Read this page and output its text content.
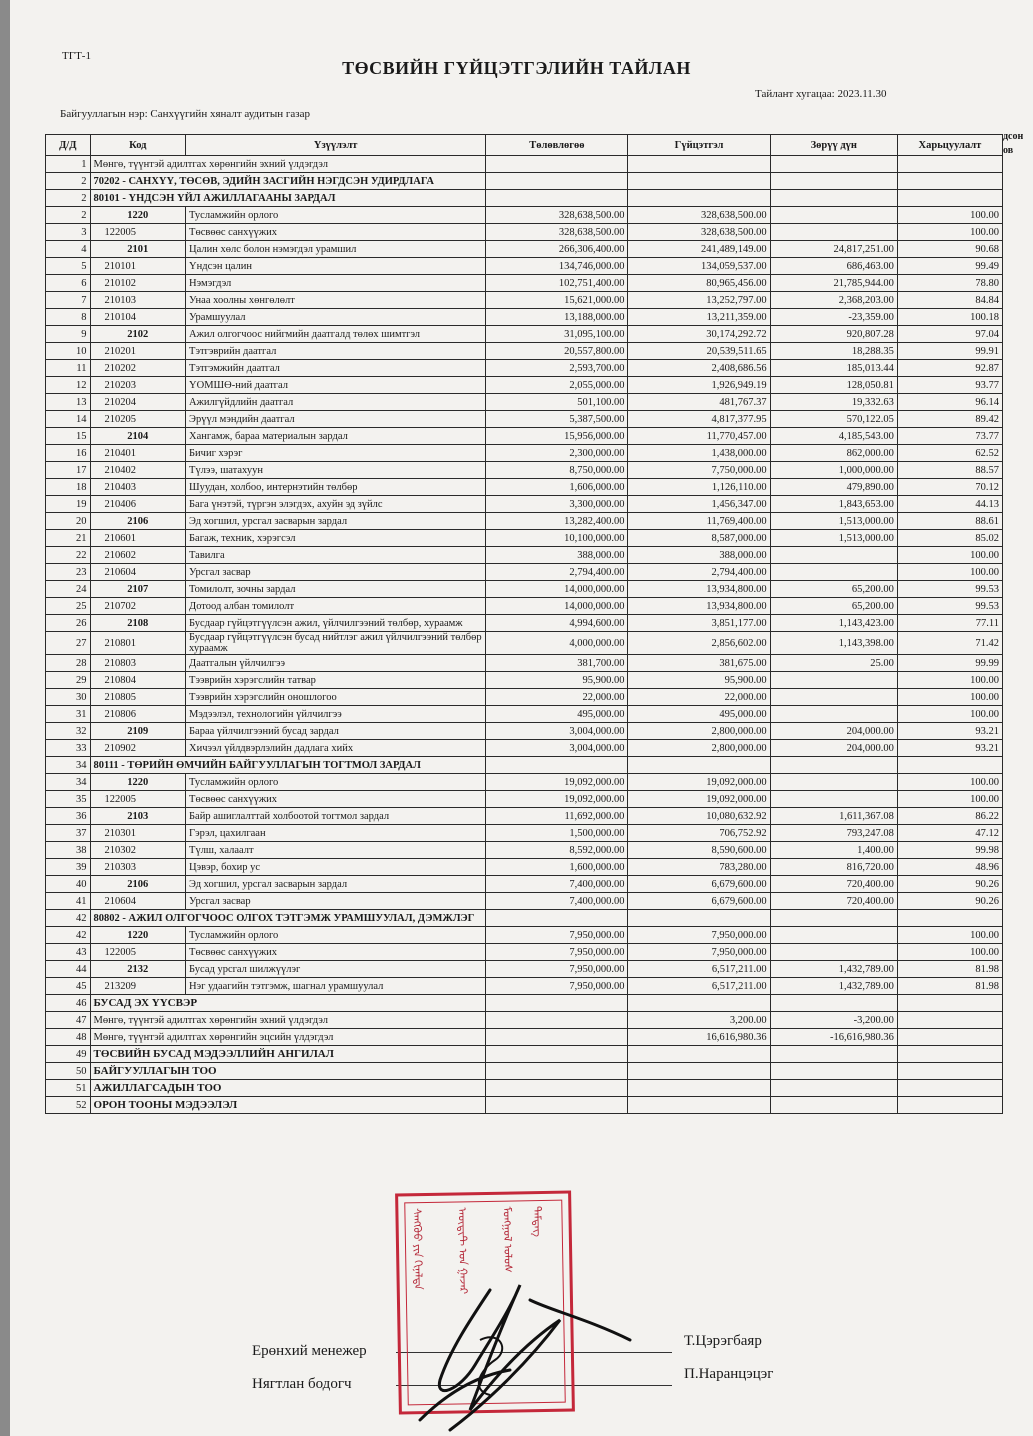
ТГТ-1
ТӨСВИЙН ГҮЙЦЭТГЭЛИЙН ТАЙЛАН
Тайлант хугацаа: 2023.11.30
Байгууллагын нэр: Санхүүгийн хяналт аудитын газар
дсон
ов
Д/Д	Код	Үзүүлэлт	Төлөвлөгөө	Гүйцэтгэл	Зөрүү дүн	Харьцуулалт
1	Мөнгө, түүнтэй адилтгах хөрөнгийн эхний үлдэгдэл					
2	70202 - САНХҮҮ, ТӨСӨВ, ЭДИЙН ЗАСГИЙН НЭГДСЭН УДИРДЛАГА					
2	80101 - ҮНДСЭН ҮЙЛ АЖИЛЛАГААНЫ ЗАРДАЛ					
2	1220	Тусламжийн орлого	328,638,500.00	328,638,500.00		100.00
3	122005	Төсвөөс санхүүжих	328,638,500.00	328,638,500.00		100.00
4	2101	Цалин хөлс болон нэмэгдэл урамшил	266,306,400.00	241,489,149.00	24,817,251.00	90.68
5	210101	Үндсэн цалин	134,746,000.00	134,059,537.00	686,463.00	99.49
6	210102	Нэмэгдэл	102,751,400.00	80,965,456.00	21,785,944.00	78.80
7	210103	Унаа хоолны хөнгөлөлт	15,621,000.00	13,252,797.00	2,368,203.00	84.84
8	210104	Урамшуулал	13,188,000.00	13,211,359.00	-23,359.00	100.18
9	2102	Ажил олгогчоос нийгмийн даатгалд төлөх шимтгэл	31,095,100.00	30,174,292.72	920,807.28	97.04
10	210201	Тэтгэврийн даатгал	20,557,800.00	20,539,511.65	18,288.35	99.91
11	210202	Тэтгэмжийн даатгал	2,593,700.00	2,408,686.56	185,013.44	92.87
12	210203	ҮОМШӨ-ний даатгал	2,055,000.00	1,926,949.19	128,050.81	93.77
13	210204	Ажилгүйдлийн даатгал	501,100.00	481,767.37	19,332.63	96.14
14	210205	Эрүүл мэндийн даатгал	5,387,500.00	4,817,377.95	570,122.05	89.42
15	2104	Хангамж, бараа материалын зардал	15,956,000.00	11,770,457.00	4,185,543.00	73.77
16	210401	Бичиг хэрэг	2,300,000.00	1,438,000.00	862,000.00	62.52
17	210402	Түлээ, шатахуун	8,750,000.00	7,750,000.00	1,000,000.00	88.57
18	210403	Шуудан, холбоо, интернэтийн төлбөр	1,606,000.00	1,126,110.00	479,890.00	70.12
19	210406	Бага үнэтэй, түргэн элэгдэх, ахуйн эд зүйлс	3,300,000.00	1,456,347.00	1,843,653.00	44.13
20	2106	Эд хогшил, урсгал засварын зардал	13,282,400.00	11,769,400.00	1,513,000.00	88.61
21	210601	Багаж, техник, хэрэгсэл	10,100,000.00	8,587,000.00	1,513,000.00	85.02
22	210602	Тавилга	388,000.00	388,000.00		100.00
23	210604	Урсгал засвар	2,794,400.00	2,794,400.00		100.00
24	2107	Томилолт, зочны зардал	14,000,000.00	13,934,800.00	65,200.00	99.53
25	210702	Дотоод албан томилолт	14,000,000.00	13,934,800.00	65,200.00	99.53
26	2108	Бусдаар гүйцэтгүүлсэн ажил, үйлчилгээний төлбөр, хураамж	4,994,600.00	3,851,177.00	1,143,423.00	77.11
27	210801	Бусдаар гүйцэтгүүлсэн бусад нийтлэг ажил үйлчилгээний төлбөр хураамж	4,000,000.00	2,856,602.00	1,143,398.00	71.42
28	210803	Даатгалын үйлчилгээ	381,700.00	381,675.00	25.00	99.99
29	210804	Тээврийн хэрэгслийн татвар	95,900.00	95,900.00		100.00
30	210805	Тээврийн хэрэгслийн оношлогоо	22,000.00	22,000.00		100.00
31	210806	Мэдээлэл, технологийн үйлчилгээ	495,000.00	495,000.00		100.00
32	2109	Бараа үйлчилгээний бусад зардал	3,004,000.00	2,800,000.00	204,000.00	93.21
33	210902	Хичээл үйлдвэрлэлийн дадлага хийх	3,004,000.00	2,800,000.00	204,000.00	93.21
34	80111 - ТӨРИЙН ӨМЧИЙН БАЙГУУЛЛАГЫН ТОГТМОЛ ЗАРДАЛ					
34	1220	Тусламжийн орлого	19,092,000.00	19,092,000.00		100.00
35	122005	Төсвөөс санхүүжих	19,092,000.00	19,092,000.00		100.00
36	2103	Байр ашиглалттай холбоотой тогтмол зардал	11,692,000.00	10,080,632.92	1,611,367.08	86.22
37	210301	Гэрэл, цахилгаан	1,500,000.00	706,752.92	793,247.08	47.12
38	210302	Түлш, халаалт	8,592,000.00	8,590,600.00	1,400.00	99.98
39	210303	Цэвэр, бохир ус	1,600,000.00	783,280.00	816,720.00	48.96
40	2106	Эд хогшил, урсгал засварын зардал	7,400,000.00	6,679,600.00	720,400.00	90.26
41	210604	Урсгал засвар	7,400,000.00	6,679,600.00	720,400.00	90.26
42	80802 - АЖИЛ ОЛГОГЧООС ОЛГОХ ТЭТГЭМЖ УРАМШУУЛАЛ, ДЭМЖЛЭГ					
42	1220	Тусламжийн орлого	7,950,000.00	7,950,000.00		100.00
43	122005	Төсвөөс санхүүжих	7,950,000.00	7,950,000.00		100.00
44	2132	Бусад урсгал шилжүүлэг	7,950,000.00	6,517,211.00	1,432,789.00	81.98
45	213209	Нэг удаагийн тэтгэмж, шагнал урамшуулал	7,950,000.00	6,517,211.00	1,432,789.00	81.98
46	БУСАД ЭХ ҮҮСВЭР					
47	Мөнгө, түүнтэй адилтгах хөрөнгийн эхний үлдэгдэл			3,200.00	-3,200.00	
48	Мөнгө, түүнтэй адилтгах хөрөнгийн эцсийн үлдэгдэл			16,616,980.36	-16,616,980.36	
49	ТӨСВИЙН БУСАД МЭДЭЭЛЛИЙН АНГИЛАЛ					
50	БАЙГУУЛЛАГЫН ТОО					
51	АЖИЛЛАГСАДЫН ТОО					
52	ОРОН ТООНЫ МЭДЭЭЛЭЛ					
Ерөнхий менежер
Т.Цэрэгбаяр
Нягтлан бодогч
П.Наранцэцэг
ᠰᠠᠩᠬᠦᠦ ᠶᠢᠨ ᠬᠢᠨᠠᠯᠲᠠ	ᠠᠦ᠋ᠳᠢᠲ ᠤᠨ ᠭᠠᠵᠠᠷ	ᠮᠣᠩᠭᠣᠯ ᠤᠯᠤᠰ	ᠲᠡᠮᠳᠡᠭ
